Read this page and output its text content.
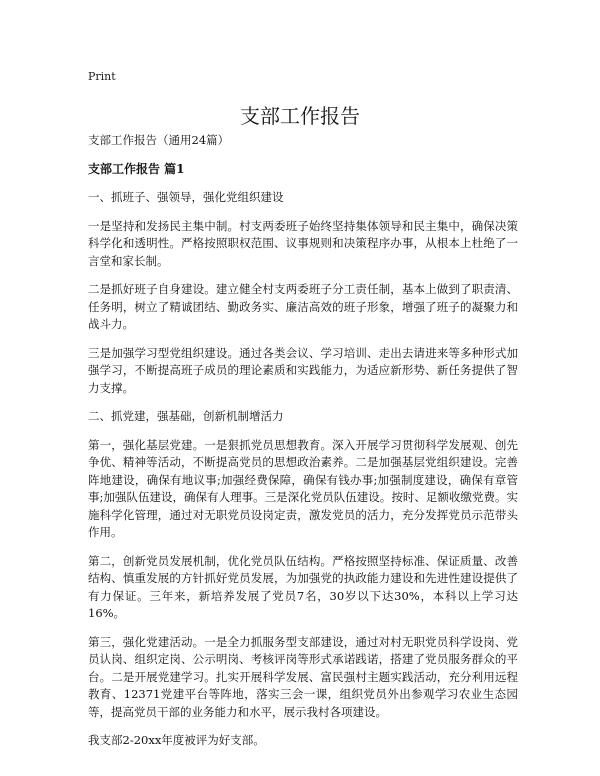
Print
支部工作报告

支部工作报告（通用24篇）

支部工作报告 篇1

一、抓班子、强领导，强化党组织建设

一是坚持和发扬民主集中制。村支两委班子始终坚持集体领导和民主集中，确保决策科学化和透明性。严格按照职权范围、议事规则和决策程序办事，从根本上杜绝了一言堂和家长制。

二是抓好班子自身建设。建立健全村支两委班子分工责任制，基本上做到了职责清、任务明，树立了精诚团结、勤政务实、廉洁高效的班子形象，增强了班子的凝聚力和战斗力。

三是加强学习型党组织建设。通过各类会议、学习培训、走出去请进来等多种形式加强学习，不断提高班子成员的理论素质和实践能力，为适应新形势、新任务提供了智力支撑。

二、抓党建，强基础，创新机制增活力

第一，强化基层党建。一是狠抓党员思想教育。深入开展学习贯彻科学发展观、创先争优、精神等活动，不断提高党员的思想政治素养。二是加强基层党组织建设。完善阵地建设，确保有地议事;加强经费保障，确保有钱办事;加强制度建设，确保有章管事;加强队伍建设，确保有人理事。三是深化党员队伍建设。按时、足额收缴党费。实施科学化管理，通过对无职党员设岗定责，激发党员的活力，充分发挥党员示范带头作用。

第二，创新党员发展机制，优化党员队伍结构。严格按照坚持标准、保证质量、改善结构、慎重发展的方针抓好党员发展，为加强党的执政能力建设和先进性建设提供了有力保证。三年来，新培养发展了党员7名，30岁以下达30%，本科以上学习达16%。

第三，强化党建活动。一是全力抓服务型支部建设，通过对村无职党员科学设岗、党员认岗、组织定岗、公示明岗、考核评岗等形式承诺践诺，搭建了党员服务群众的平台。二是开展党建学习。扎实开展科学发展、富民强村主题实践活动，充分利用远程教育、12371党建平台等阵地，落实三会一课，组织党员外出参观学习农业生态园等，提高党员干部的业务能力和水平，展示我村各项建设。

我支部2-20xx年度被评为好支部。
